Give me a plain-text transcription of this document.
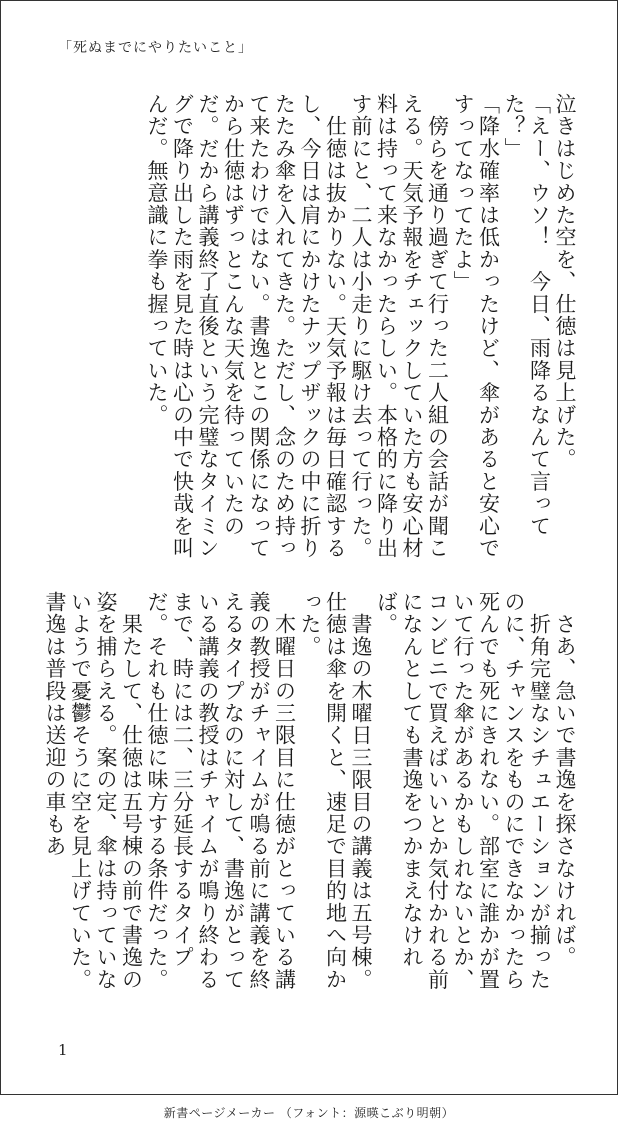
「死ぬまでにやりたいこと」
泣きはじめた空を、仕徳は見上げた。
「えー、ウソ！　今日、雨降るなんて言ってた？」
「降水確率は低かったけど、傘があると安心ですってなってたよ」
　傍らを通り過ぎて行った二人組の会話が聞こえる。天気予報をチェックしていた方も安心材料は持って来なかったらしい。本格的に降り出す前にと、二人は小走りに駆け去って行った。
　仕徳は抜かりない。天気予報は毎日確認するし、今日は肩にかけたナップザックの中に折りたたみ傘を入れてきた。ただし、念のため持って来たわけではない。書逸とこの関係になってから仕徳はずっとこんな天気を待っていたのだ。だから講義終了直後という完璧なタイミングで降り出した雨を見た時は心の中で快哉を叫んだ。無意識に拳も握っていた。
　さあ、急いで書逸を探さなければ。
　折角完璧なシチュエーションが揃ったのに、チャンスをものにできなかったら死んでも死にきれない。部室に誰かが置いて行った傘があるかもしれないとか、コンビニで買えばいいとか気付かれる前になんとしても書逸をつかまえなければ。
　書逸の木曜日三限目の講義は五号棟。仕徳は傘を開くと、速足で目的地へ向かった。
　木曜日の三限目に仕徳がとっている講義の教授がチャイムが鳴る前に講義を終えるタイプなのに対して、書逸がとっている講義の教授はチャイムが鳴り終わるまで、時には二、三分延長するタイプだ。それも仕徳に味方する条件だった。
　果たして、仕徳は五号棟の前で書逸の姿を捕らえる。案の定、傘は持っていないようで憂鬱そうに空を見上げていた。書逸は普段は送迎の車もあ
1
新書ページメーカー （フォント：源暎こぶり明朝）
